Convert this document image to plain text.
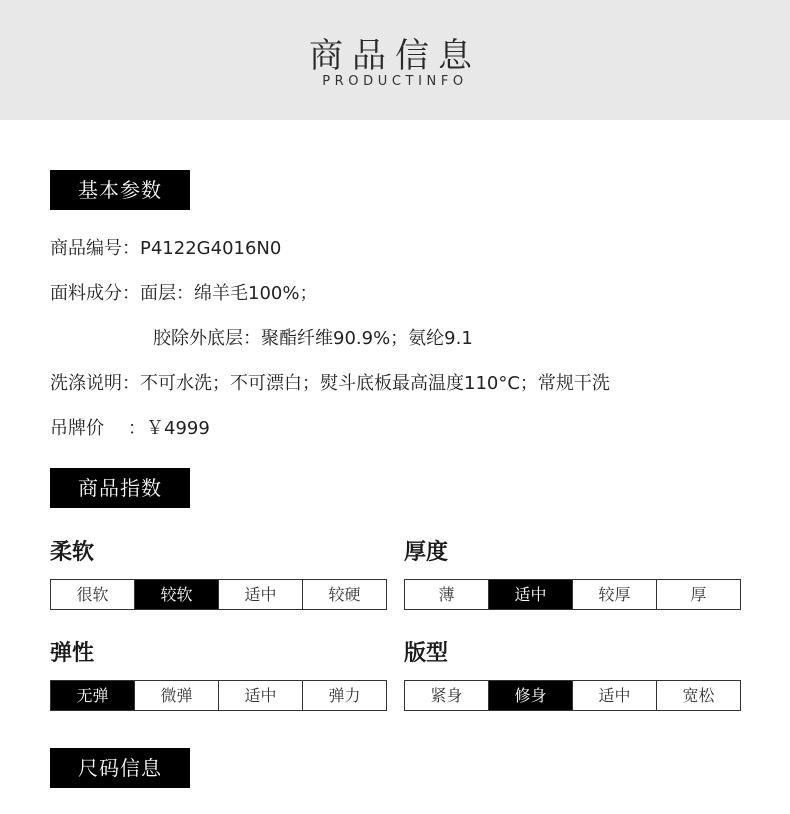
商品信息
PRODUCTINFO
基本参数
商品编号：P4122G4016N0
面料成分：面层：绵羊毛100%；
胶除外底层：聚酯纤维90.9%；氨纶9.1
洗涤说明：不可水洗；不可漂白；熨斗底板最高温度110°C；常规干洗
吊牌价 ：￥4999
商品指数
柔软
很软	较软	适中	较硬
厚度
薄	适中	较厚	厚
弹性
无弹	微弹	适中	弹力
版型
紧身	修身	适中	宽松
尺码信息
